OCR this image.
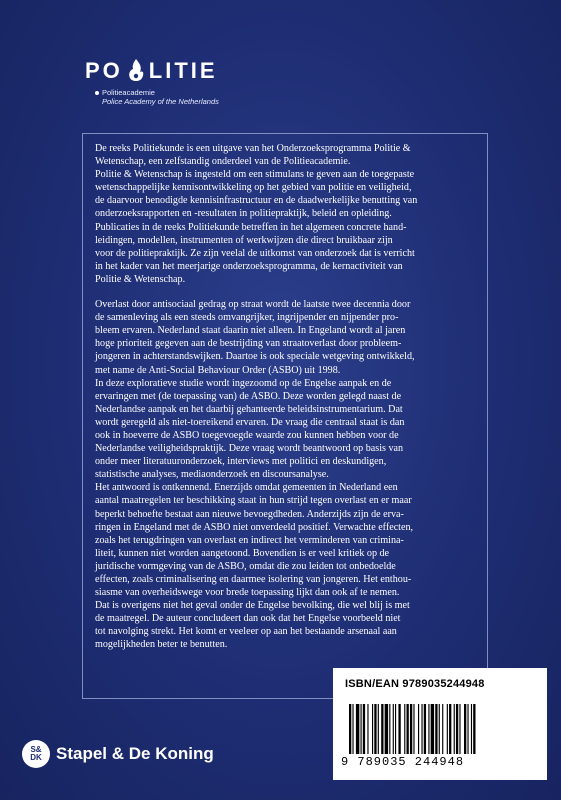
PO LITIE
Politieacademie
Police Academy of the Netherlands

De reeks Politiekunde is een uitgave van het Onderzoeksprogramma Politie &

Wetenschap, een zelfstandig onderdeel van de Politieacademie.

Politie & Wetenschap is ingesteld om een stimulans te geven aan de toegepaste

wetenschappelijke kennisontwikkeling op het gebied van politie en veiligheid,

de daarvoor benodigde kennisinfrastructuur en de daadwerkelijke benutting van

onderzoeksrapporten en -resultaten in politiepraktijk, beleid en opleiding.

Publicaties in de reeks Politiekunde betreffen in het algemeen concrete hand-

leidingen, modellen, instrumenten of werkwijzen die direct bruikbaar zijn

voor de politiepraktijk. Ze zijn veelal de uitkomst van onderzoek dat is verricht

in het kader van het meerjarige onderzoeksprogramma, de kernactiviteit van

Politie & Wetenschap.

Overlast door antisociaal gedrag op straat wordt de laatste twee decennia door

de samenleving als een steeds omvangrijker, ingrijpender en nijpender pro-

bleem ervaren. Nederland staat daarin niet alleen. In Engeland wordt al jaren

hoge prioriteit gegeven aan de bestrijding van straatoverlast door probleem-

jongeren in achterstandswijken. Daartoe is ook speciale wetgeving ontwikkeld,

met name de Anti-Social Behaviour Order (ASBO) uit 1998.

In deze exploratieve studie wordt ingezoomd op de Engelse aanpak en de

ervaringen met (de toepassing van) de ASBO. Deze worden gelegd naast de

Nederlandse aanpak en het daarbij gehanteerde beleidsinstrumentarium. Dat

wordt geregeld als niet-toereikend ervaren. De vraag die centraal staat is dan

ook in hoeverre de ASBO toegevoegde waarde zou kunnen hebben voor de

Nederlandse veiligheidspraktijk. Deze vraag wordt beantwoord op basis van

onder meer literatuuronderzoek, interviews met politici en deskundigen,

statistische analyses, mediaonderzoek en discoursanalyse.

Het antwoord is ontkennend. Enerzijds omdat gemeenten in Nederland een

aantal maatregelen ter beschikking staat in hun strijd tegen overlast en er maar

beperkt behoefte bestaat aan nieuwe bevoegdheden. Anderzijds zijn de erva-

ringen in Engeland met de ASBO niet onverdeeld positief. Verwachte effecten,

zoals het terugdringen van overlast en indirect het verminderen van crimina-

liteit, kunnen niet worden aangetoond. Bovendien is er veel kritiek op de

juridische vormgeving van de ASBO, omdat die zou leiden tot onbedoelde

effecten, zoals criminalisering en daarmee isolering van jongeren. Het enthou-

siasme van overheidswege voor brede toepassing lijkt dan ook af te nemen.

Dat is overigens niet het geval onder de Engelse bevolking, die wel blij is met

de maatregel. De auteur concludeert dan ook dat het Engelse voorbeeld niet

tot navolging strekt. Het komt er veeleer op aan het bestaande arsenaal aan

mogelijkheden beter te benutten.

ISBN/EAN 9789035244948
9 789035 244948
S&
DK Stapel & De Koning
